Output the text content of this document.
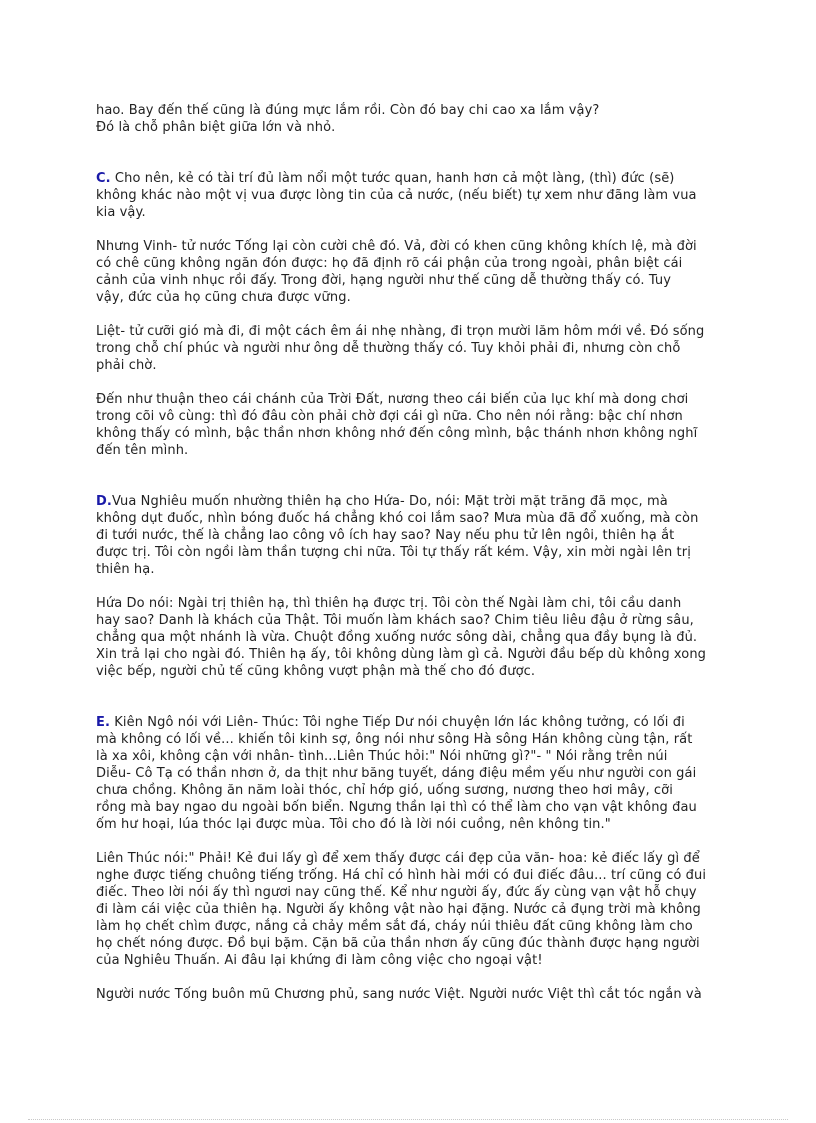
hao. Bay đến thế cũng là đúng mực lắm rồi. Còn đó bay chi cao xa lắm vậy?
Đó là chỗ phân biệt giữa lớn và nhỏ.

C. Cho nên, kẻ có tài trí đủ làm nổi một tước quan, hanh hơn cả một làng, (thì) đức (sẽ)
không khác nào một vị vua được lòng tin của cả nước, (nếu biết) tự xem như đãng làm vua
kia vậy.

Nhưng Vinh- tử nước Tống lại còn cười chê đó. Vả, đời có khen cũng không khích lệ, mà đời
có chê cũng không ngăn đón được: họ đã định rõ cái phận của trong ngoài, phân biệt cái
cảnh của vinh nhục rồi đấy. Trong đời, hạng người như thế cũng dễ thường thấy có. Tuy
vậy, đức của họ cũng chưa được vững.

Liệt- tử cưỡi gió mà đi, đi một cách êm ái nhẹ nhàng, đi trọn mười lăm hôm mới về. Đó sống
trong chỗ chí phúc và người như ông dễ thường thấy có. Tuy khỏi phải đi, nhưng còn chỗ
phải chờ.

Đến như thuận theo cái chánh của Trời Đất, nương theo cái biến của lục khí mà dong chơi
trong cõi vô cùng: thì đó đâu còn phải chờ đợi cái gì nữa. Cho nên nói rằng: bậc chí nhơn
không thấy có mình, bậc thần nhơn không nhớ đến công mình, bậc thánh nhơn không nghĩ
đến tên mình.

D.Vua Nghiêu muốn nhường thiên hạ cho Hứa- Do, nói: Mặt trời mặt trăng đã mọc, mà
không dụt đuốc, nhìn bóng đuốc há chẳng khó coi lắm sao? Mưa mùa đã đổ xuống, mà còn
đi tưới nước, thế là chẳng lao công vô ích hay sao? Nay nếu phu tử lên ngôi, thiên hạ ắt
được trị. Tôi còn ngồi làm thần tượng chi nữa. Tôi tự thấy rất kém. Vậy, xin mời ngài lên trị
thiên hạ.

Hứa Do nói: Ngài trị thiên hạ, thì thiên hạ được trị. Tôi còn thế Ngài làm chi, tôi cầu danh
hay sao? Danh là khách của Thật. Tôi muốn làm khách sao? Chim tiêu liêu đậu ở rừng sâu,
chẳng qua một nhánh là vừa. Chuột đồng xuống nước sông dài, chẳng qua đầy bụng là đủ.
Xin trả lại cho ngài đó. Thiên hạ ấy, tôi không dùng làm gì cả. Người đầu bếp dù không xong
việc bếp, người chủ tế cũng không vượt phận mà thế cho đó được.

E. Kiên Ngô nói với Liên- Thúc: Tôi nghe Tiếp Dư nói chuyện lớn lác không tưởng, có lối đi
mà không có lối về... khiến tôi kinh sợ, ông nói như sông Hà sông Hán không cùng tận, rất
là xa xôi, không cận với nhân- tình...Liên Thúc hỏi:" Nói những gì?"- " Nói rằng trên núi
Diễu- Cô Tạ có thần nhơn ở, da thịt như băng tuyết, dáng điệu mềm yếu như người con gái
chưa chồng. Không ăn năm loài thóc, chỉ hớp gió, uống sương, nương theo hơi mây, cỡi
rồng mà bay ngao du ngoài bốn biển. Ngưng thần lại thì có thể làm cho vạn vật không đau
ốm hư hoại, lúa thóc lại được mùa. Tôi cho đó là lời nói cuồng, nên không tin."

Liên Thúc nói:" Phải! Kẻ đui lấy gì để xem thấy được cái đẹp của văn- hoa: kẻ điếc lấy gì để
nghe được tiếng chuông tiếng trống. Há chỉ có hình hài mới có đui điếc đâu... trí cũng có đui
điếc. Theo lời nói ấy thì ngươi nay cũng thế. Kể như người ấy, đức ấy cùng vạn vật hỗ chụy
đi làm cái việc của thiên hạ. Người ấy không vật nào hại đặng. Nước cả đụng trời mà không
làm họ chết chìm được, nắng cả chảy mềm sắt đá, cháy núi thiêu đất cũng không làm cho
họ chết nóng được. Đồ bụi bặm. Cặn bã của thần nhơn ấy cũng đúc thành được hạng người
của Nghiêu Thuấn. Ai đâu lại khứng đi làm công việc cho ngoại vật!

Người nước Tống buôn mũ Chương phủ, sang nước Việt. Người nước Việt thì cắt tóc ngắn và
